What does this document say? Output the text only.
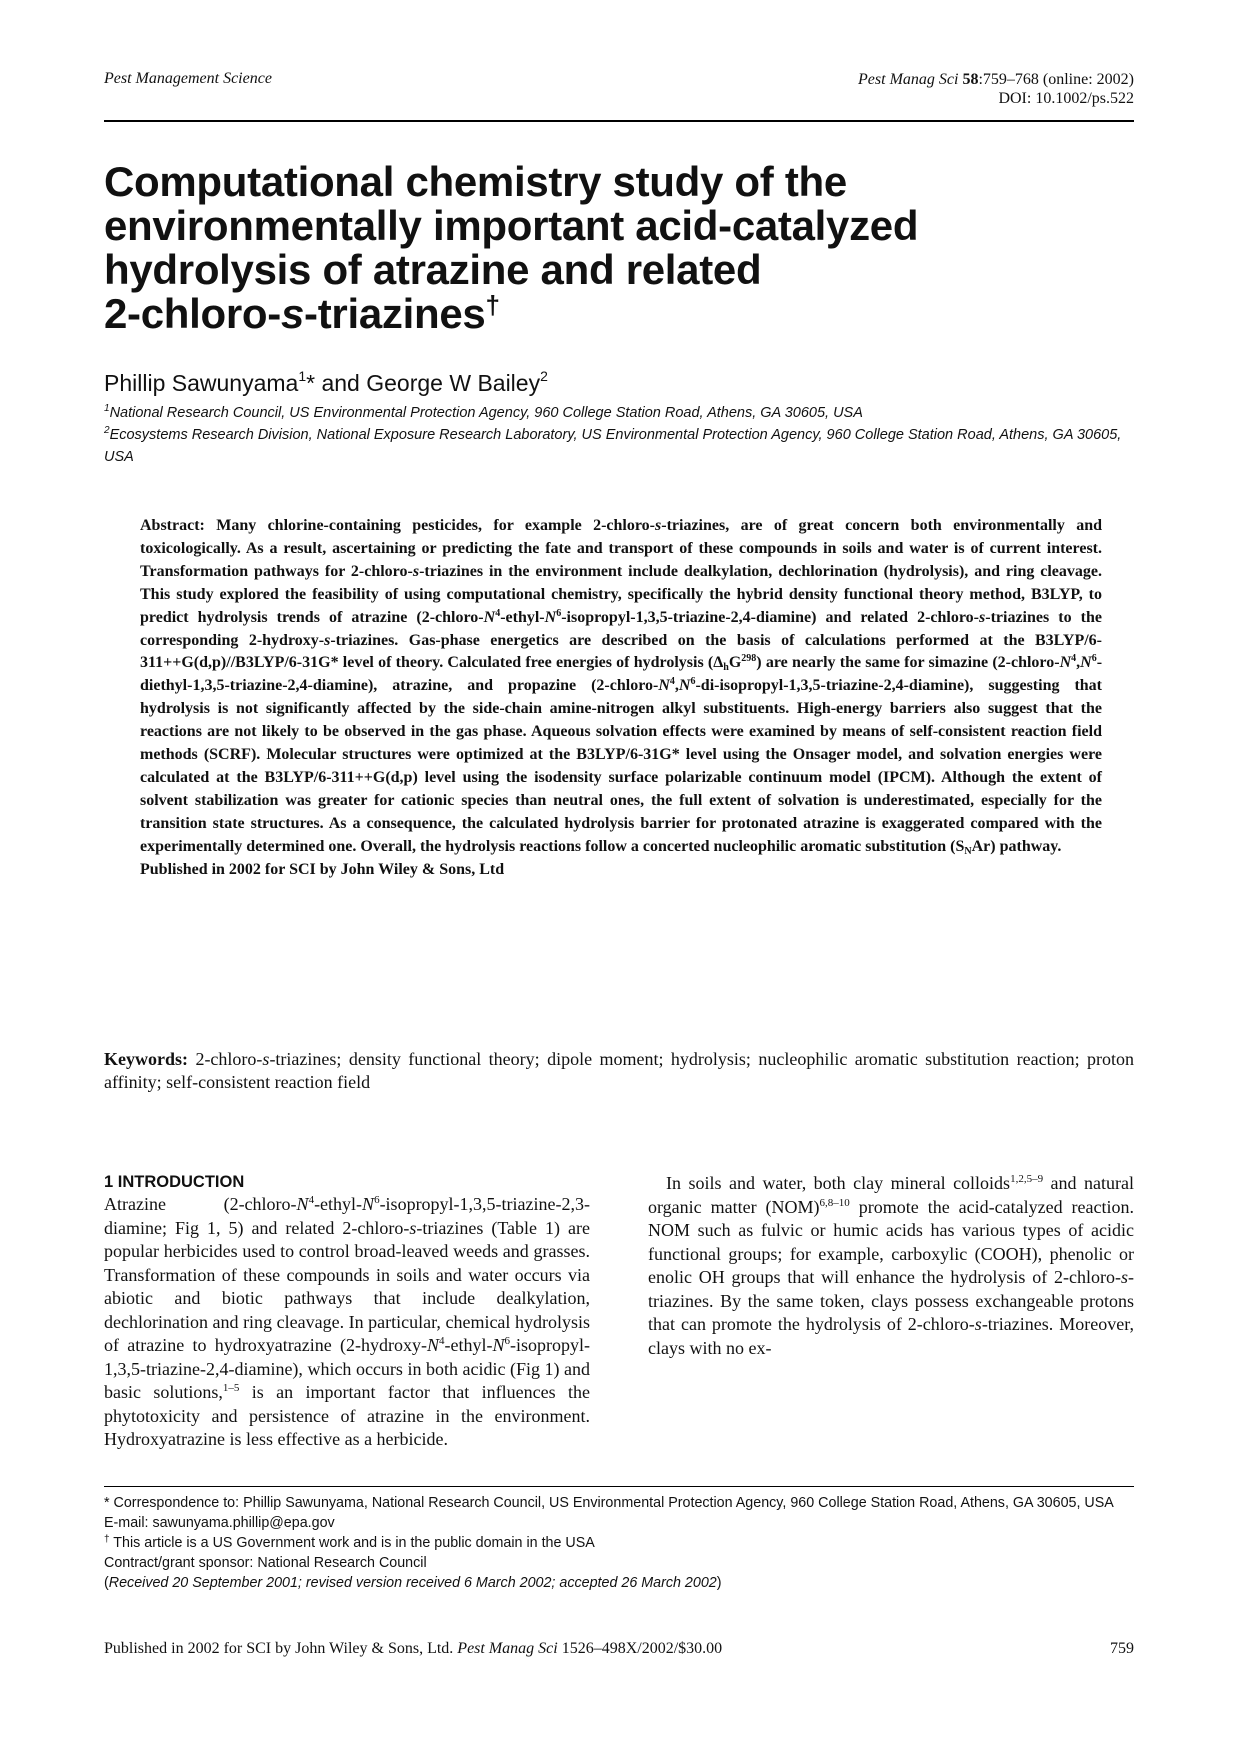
Pest Management Science	Pest Manag Sci 58:759–768 (online: 2002)
DOI: 10.1002/ps.522
Computational chemistry study of the
environmentally important acid-catalyzed
hydrolysis of atrazine and related
2-chloro-s-triazines†
Phillip Sawunyama$^1$* and George W Bailey$^2$
$^1$National Research Council, US Environmental Protection Agency, 960 College Station Road, Athens, GA 30605, USA
$^2$Ecosystems Research Division, National Exposure Research Laboratory, US Environmental Protection Agency, 960 College Station Road, Athens, GA 30605, USA

Abstract: Many chlorine-containing pesticides, for example 2-chloro-s-triazines, are of great concern both environmentally and toxicologically. As a result, ascertaining or predicting the fate and transport of these compounds in soils and water is of current interest. Transformation pathways for 2-chloro-s-triazines in the environment include dealkylation, dechlorination (hydrolysis), and ring cleavage. This study explored the feasibility of using computational chemistry, specifically the hybrid density functional theory method, B3LYP, to predict hydrolysis trends of atrazine $(2-chloro-N^4-ethyl-N^6-isopropyl-1,3,5-triazine-2,4-diamine)$ and related 2-chloro-s-triazines to the corresponding 2-hydroxy-s-triazines. Gas-phase energetics are described on the basis of calculations performed at the B3LYP/6-311++G(d,p)//B3LYP/6-31G* level of theory. Calculated free energies of hydrolysis $(\Delta_hG^{298})$ are nearly the same for simazine $(2-chloro-N^4,N^6-diethyl-1,3,5-triazine-2,4-diamine)$, atrazine, and propazine $(2-chloro-N^4,N^6-di-isopropyl-1,3,5-triazine-2,4-diamine)$, suggesting that hydrolysis is not significantly affected by the side-chain amine-nitrogen alkyl substituents. High-energy barriers also suggest that the reactions are not likely to be observed in the gas phase. Aqueous solvation effects were examined by means of self-consistent reaction field methods (SCRF). Molecular structures were optimized at the B3LYP/6-31G* level using the Onsager model, and solvation energies were calculated at the B3LYP/6-311++G(d,p) level using the isodensity surface polarizable continuum model (IPCM). Although the extent of solvent stabilization was greater for cationic species than neutral ones, the full extent of solvation is underestimated, especially for the transition state structures. As a consequence, the calculated hydrolysis barrier for protonated atrazine is exaggerated compared with the experimentally determined one. Overall, the hydrolysis reactions follow a concerted nucleophilic aromatic substitution $(S_NAr)$ pathway.

Published in 2002 for SCI by John Wiley & Sons, Ltd

Keywords: 2-chloro-s-triazines; density functional theory; dipole moment; hydrolysis; nucleophilic aromatic substitution reaction; proton affinity; self-consistent reaction field

1 INTRODUCTION

Atrazine ($2-chloro-N^4-ethyl-N^6-isopropyl-1,3,5-triazine-2,3$-diamine; Fig 1, 5) and related 2-chloro-s-triazines (Table 1) are popular herbicides used to control broad-leaved weeds and grasses. Transformation of these compounds in soils and water occurs via abiotic and biotic pathways that include dealkylation, dechlorination and ring cleavage. In particular, chemical hydrolysis of atrazine to hydroxyatrazine $(2-hydroxy-N^4-ethyl-N^6-isopropyl-1,3,5-triazine-2,4-diamine)$, which occurs in both acidic (Fig 1) and basic solutions,$^{1-5}$ is an important factor that influences the phytotoxicity and persistence of atrazine in the environment. Hydroxyatrazine is less effective as a herbicide.

In soils and water, both clay mineral colloids$^{1,2,5-9}$ and natural organic matter (NOM)$^{6,8-10}$ promote the acid-catalyzed reaction. NOM such as fulvic or humic acids has various types of acidic functional groups; for example, carboxylic (COOH), phenolic or enolic OH groups that will enhance the hydrolysis of 2-chloro-s-triazines. By the same token, clays possess exchangeable protons that can promote the hydrolysis of 2-chloro-s-triazines. Moreover, clays with no ex-

* Correspondence to: Phillip Sawunyama, National Research Council, US Environmental Protection Agency, 960 College Station Road, Athens, GA 30605, USA

E-mail: sawunyama.phillip@epa.gov

† This article is a US Government work and is in the public domain in the USA

Contract/grant sponsor: National Research Council

(Received 20 September 2001; revised version received 6 March 2002; accepted 26 March 2002)

Published in 2002 for SCI by John Wiley & Sons, Ltd. Pest Manag Sci 1526–498X/2002/$30.00	759
